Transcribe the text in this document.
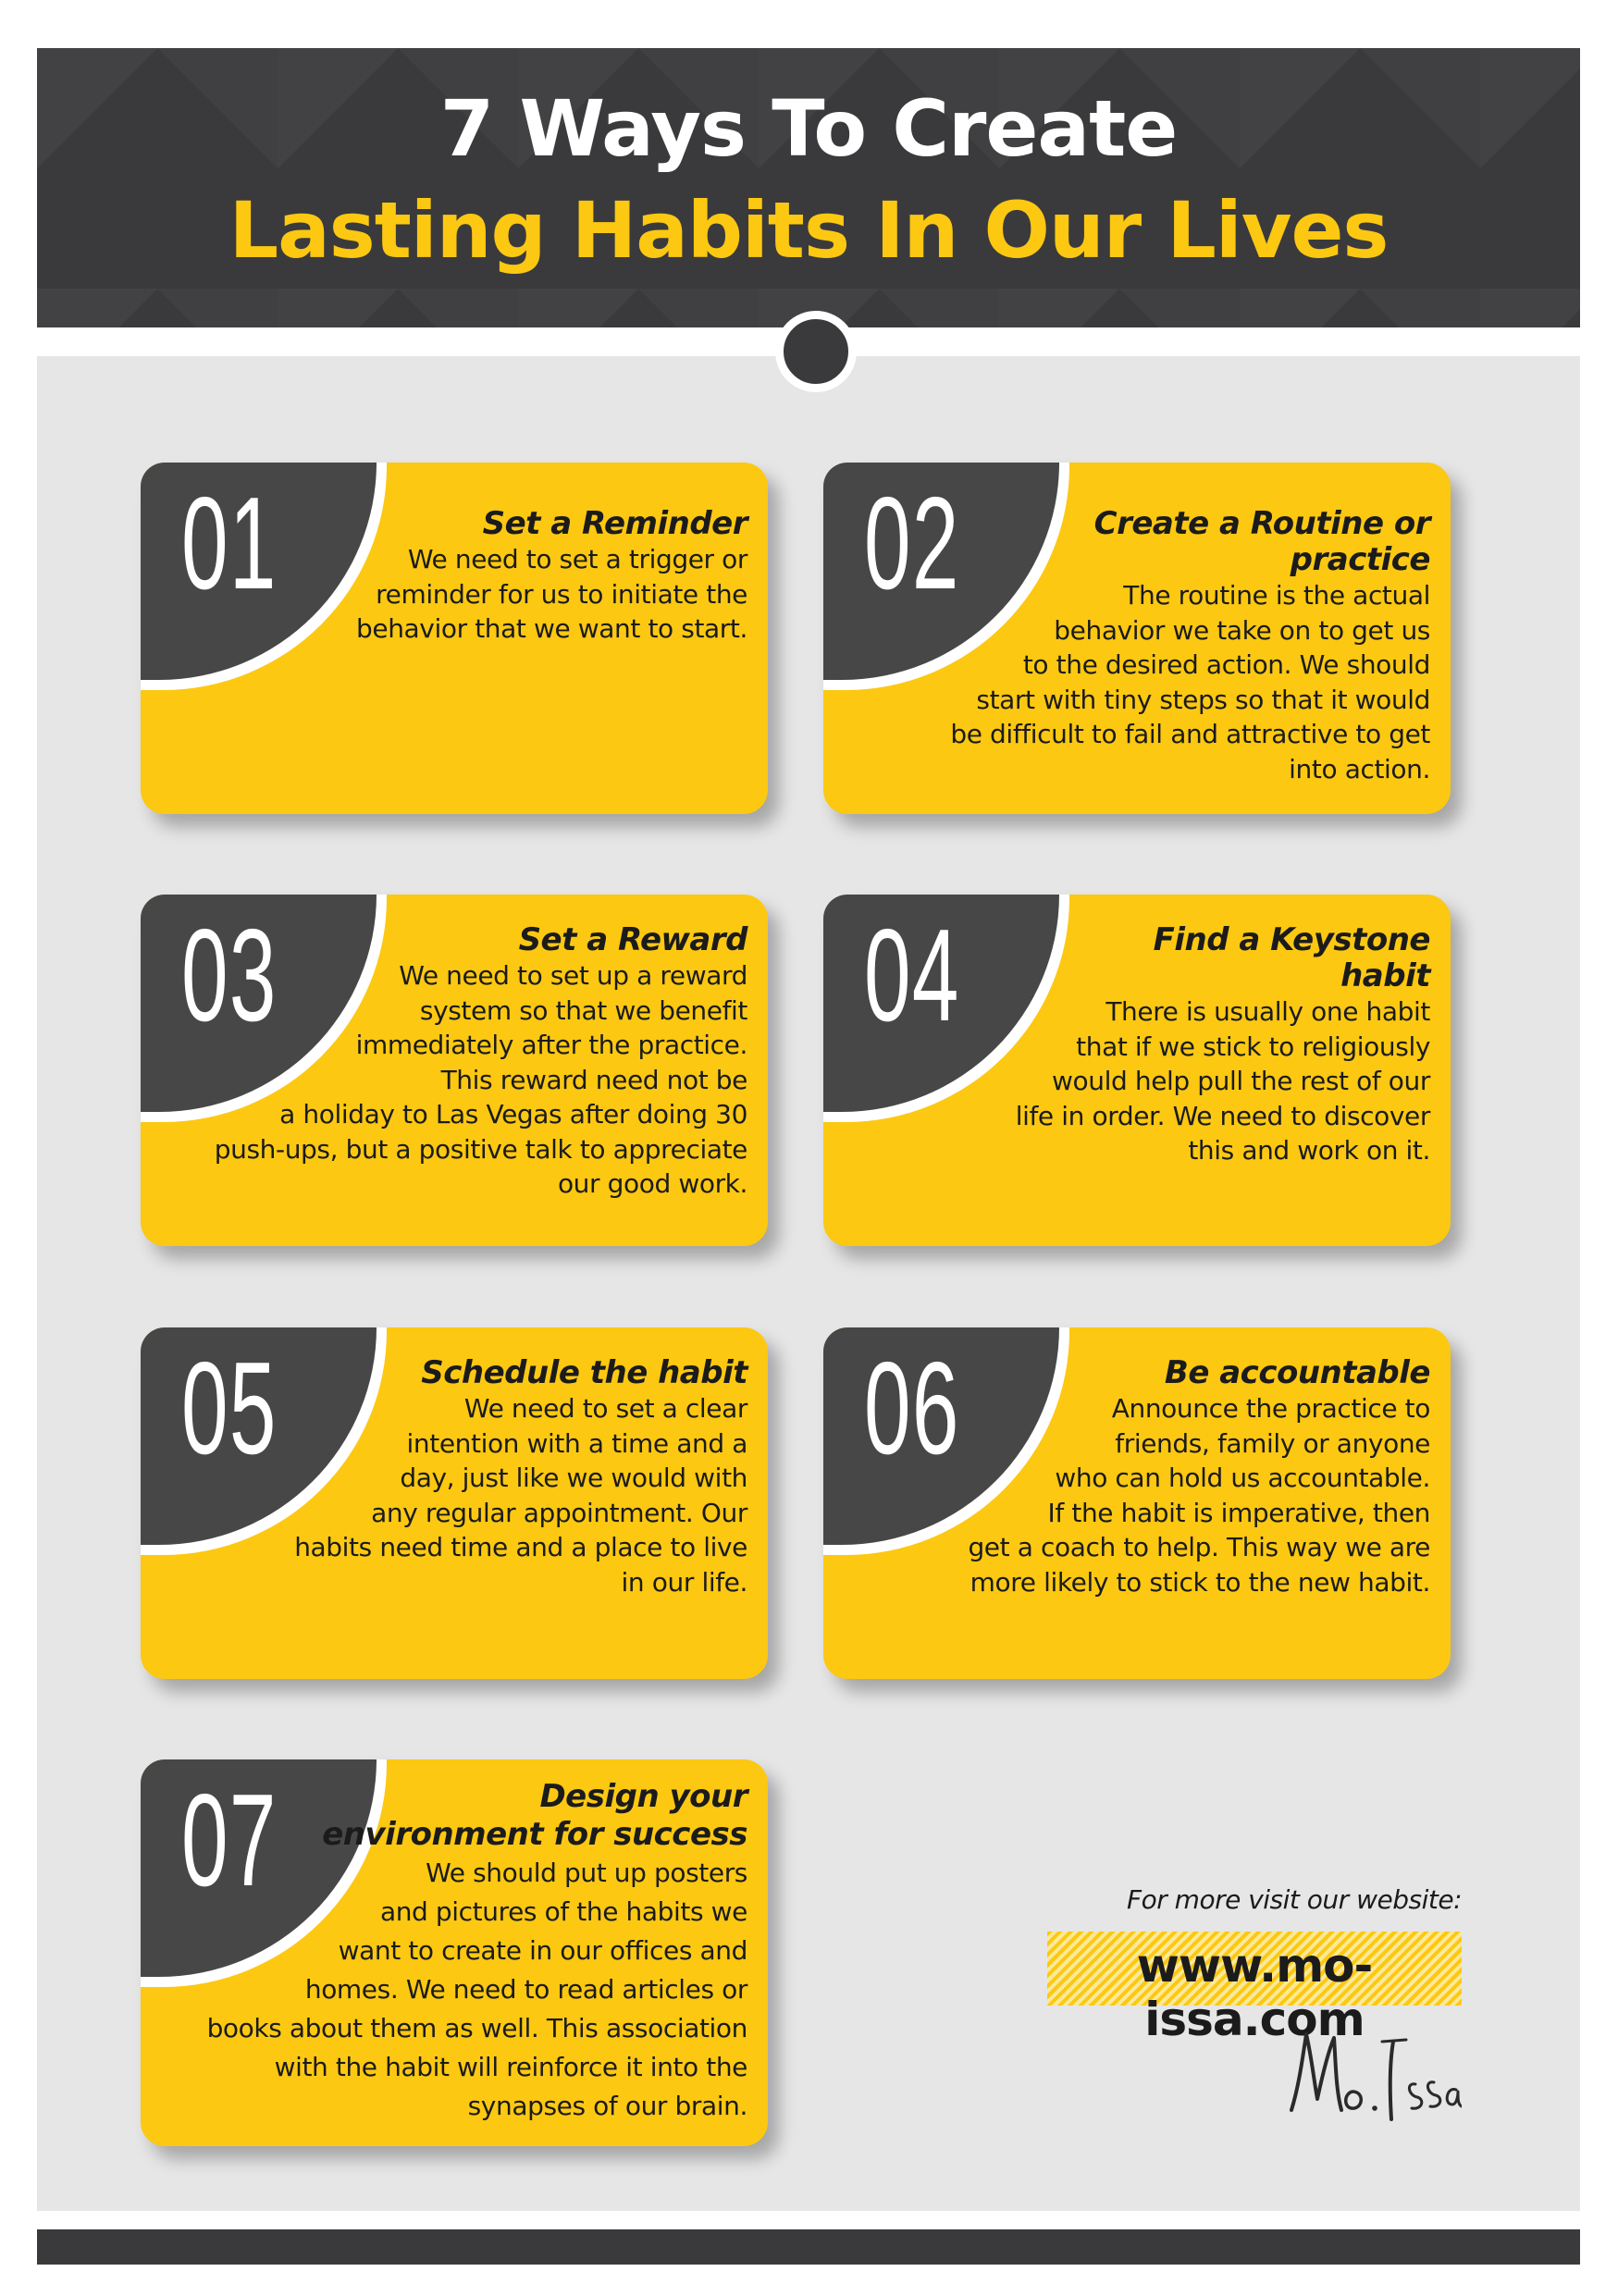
7 Ways To Create
Lasting Habits In Our Lives
01	Set a Reminder
We need to set a trigger or
reminder for us to initiate the
behavior that we want to start.
02	Create a Routine or
practice
The routine is the actual
behavior we take on to get us
to the desired action. We should
start with tiny steps so that it would
be difficult to fail and attractive to get
into action.
03	Set a Reward
We need to set up a reward
system so that we benefit
immediately after the practice.
This reward need not be
a holiday to Las Vegas after doing 30
push-ups, but a positive talk to appreciate
our good work.
04	Find a Keystone
habit
There is usually one habit
that if we stick to religiously
would help pull the rest of our
life in order. We need to discover
this and work on it.
05	Schedule the habit
We need to set a clear
intention with a time and a
day, just like we would with
any regular appointment. Our
habits need time and a place to live
in our life.
06	Be accountable
Announce the practice to
friends, family or anyone
who can hold us accountable.
If the habit is imperative, then
get a coach to help. This way we are
more likely to stick to the new habit.
07	Design your
environment for success
We should put up posters
and pictures of the habits we
want to create in our offices and
homes. We need to read articles or
books about them as well. This association
with the habit will reinforce it into the
synapses of our brain.
For more visit our website:
www.mo-issa.com
